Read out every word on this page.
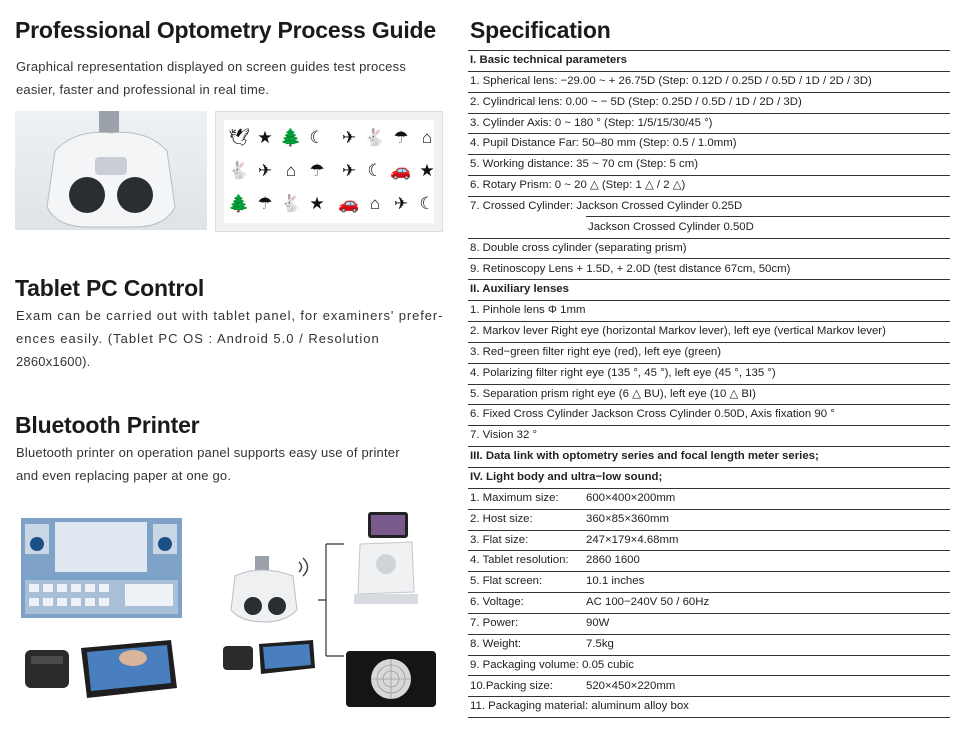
Professional Optometry Process Guide
Graphical representation displayed on screen guides test process
easier, faster and professional in real time.
🕊 ★ 🌲 ☾ ✈ 🐇 ☂ ⌂
🐇 ✈ ⌂ ☂ ✈ ☾ 🚗 ★
🌲 ☂ 🐇 ★ 🚗 ⌂ ✈ ☾
Tablet PC Control
Exam can be carried out with tablet panel, for examiners' prefer-
ences easily. (Tablet PC OS : Android 5.0 / Resolution
2860x1600).
Bluetooth Printer
Bluetooth printer on operation panel supports easy use of printer
and even replacing paper at one go.
Specification
I. Basic technical parameters
1. Spherical lens: −29.00 ~ + 26.75D (Step: 0.12D / 0.25D / 0.5D / 1D / 2D / 3D)
2. Cylindrical lens: 0.00 ~ − 5D (Step: 0.25D / 0.5D / 1D / 2D / 3D)
3. Cylinder Axis: 0 ~ 180 ° (Step: 1/5/15/30/45 °)
4. Pupil Distance Far: 50–80 mm (Step: 0.5 / 1.0mm)
5. Working distance: 35 ~ 70 cm (Step: 5 cm)
6. Rotary Prism: 0 ~ 20 △ (Step: 1 △ / 2 △)
7. Crossed Cylinder: Jackson Crossed Cylinder 0.25D
Jackson Crossed Cylinder 0.50D
8. Double cross cylinder (separating prism)
9. Retinoscopy Lens + 1.5D, + 2.0D (test distance 67cm, 50cm)
II. Auxiliary lenses
1. Pinhole lens Φ 1mm
2. Markov lever Right eye (horizontal Markov lever), left eye (vertical Markov lever)
3. Red−green filter right eye (red), left eye (green)
4. Polarizing filter right eye (135 °, 45 °), left eye (45 °, 135 °)
5. Separation prism right eye (6 △ BU), left eye (10 △ BI)
6. Fixed Cross Cylinder Jackson Cross Cylinder 0.50D, Axis fixation 90 °
7. Vision 32 °
III. Data link with optometry series and focal length meter series;
IV. Light body and ultra−low sound;
1. Maximum size: 600×400×200mm
2. Host size:	360×85×360mm
3. Flat size:	247×179×4.68mm
4. Tablet resolution: 2860 1600
5. Flat screen:	10.1 inches
6. Voltage:	AC 100−240V 50 / 60Hz
7. Power:	90W
8. Weight:	7.5kg
9. Packaging volume: 0.05 cubic
10.Packing size:	520×450×220mm
11. Packaging material: aluminum alloy box
